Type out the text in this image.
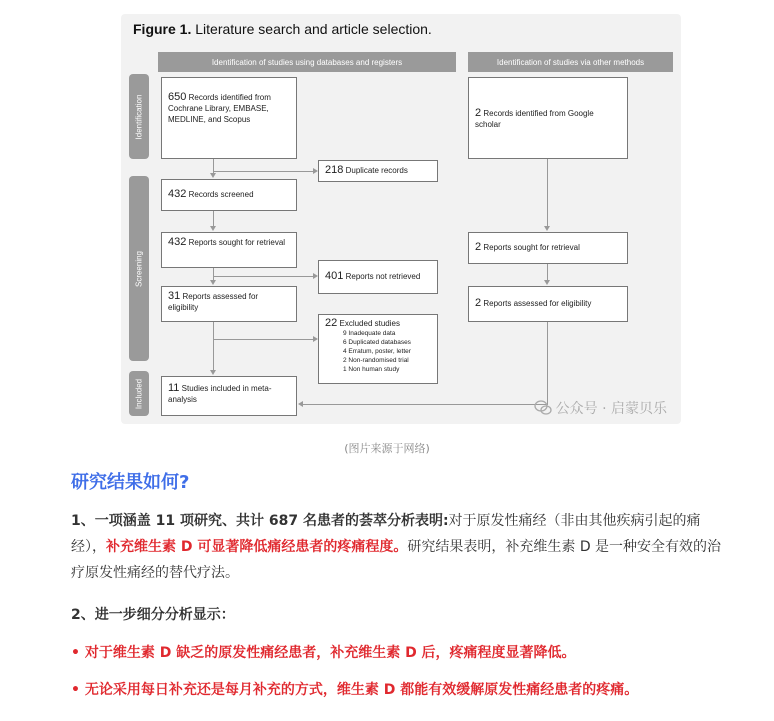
Figure 1. Literature search and article selection.
Identification of studies using databases and registers	Identification of studies via other methods
Identification
Screening
Included
650 Records identified from Cochrane Library, EMBASE, MEDLINE, and Scopus
218 Duplicate records
432 Records screened
432 Reports sought for retrieval
401 Reports not retrieved
31 Reports assessed for eligibility
22 Excluded studies
9 Inadequate data
6 Duplicated databases
4 Erratum, poster, letter
2 Non-randomised trial
1 Non human study
11 Studies included in meta-analysis
2 Records identified from Google scholar
2 Reports sought for retrieval
2 Reports assessed for eligibility
公众号 · 启蒙贝乐
(图片来源于网络)
研究结果如何?
1、一项涵盖 11 项研究、共计 687 名患者的荟萃分析表明:对于原发性痛经（非由其他疾病引起的痛经），补充维生素 D 可显著降低痛经患者的疼痛程度。研究结果表明，补充维生素 D 是一种安全有效的治疗原发性痛经的替代疗法。
2、进一步细分分析显示：
• 对于维生素 D 缺乏的原发性痛经患者，补充维生素 D 后，疼痛程度显著降低。
• 无论采用每日补充还是每月补充的方式，维生素 D 都能有效缓解原发性痛经患者的疼痛。
